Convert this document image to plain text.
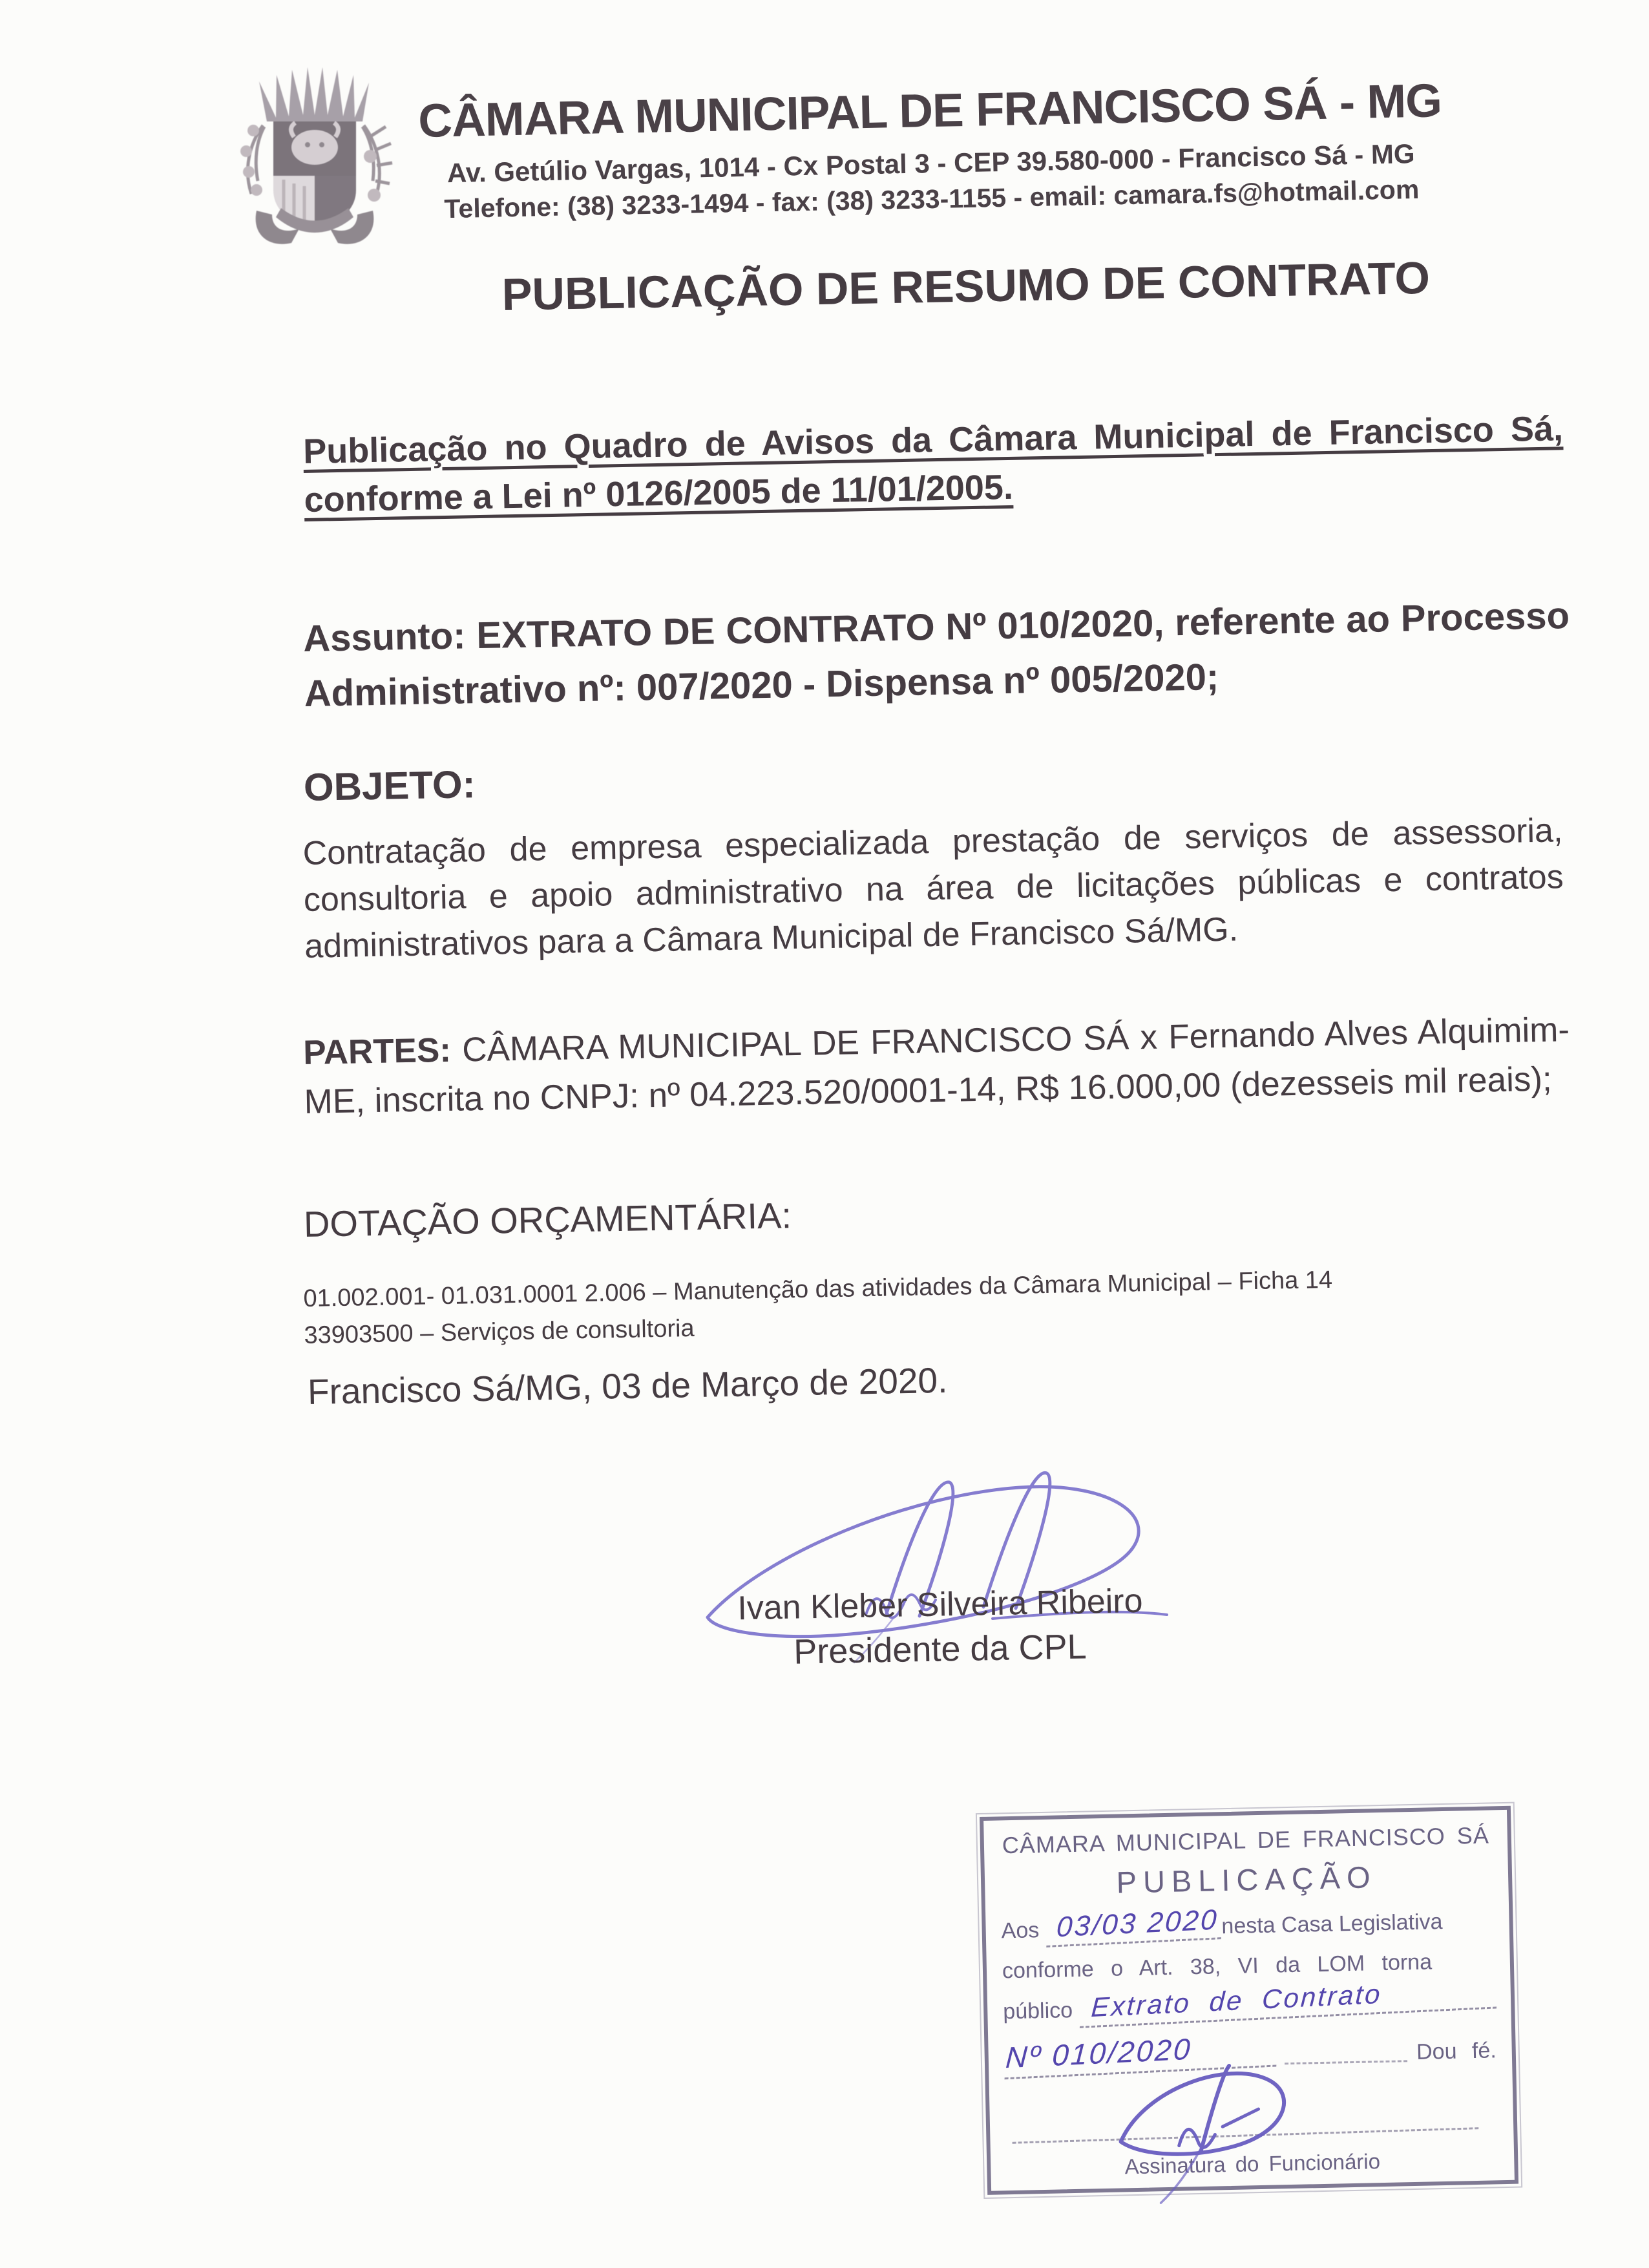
CÂMARA MUNICIPAL DE FRANCISCO SÁ - MG
Av. Getúlio Vargas, 1014 - Cx Postal 3 - CEP 39.580-000 - Francisco Sá - MG
Telefone: (38) 3233-1494 - fax: (38) 3233-1155 - email: camara.fs@hotmail.com
PUBLICAÇÃO DE RESUMO DE CONTRATO

Publicação no Quadro de Avisos da Câmara Municipal de Francisco Sá, conforme a Lei nº 0126/2005 de 11/01/2005.

Assunto: EXTRATO DE CONTRATO Nº 010/2020, referente ao Processo Administrativo nº: 007/2020 - Dispensa nº 005/2020;

OBJETO:

Contratação de empresa especializada prestação de serviços de assessoria, consultoria e apoio administrativo na área de licitações públicas e contratos administrativos para a Câmara Municipal de Francisco Sá/MG.

PARTES: CÂMARA MUNICIPAL DE FRANCISCO SÁ x Fernando Alves Alquimim-ME, inscrita no CNPJ: nº 04.223.520/0001-14, R$ 16.000,00 (dezesseis mil reais);

DOTAÇÃO ORÇAMENTÁRIA:
01.002.001- 01.031.0001 2.006 – Manutenção das atividades da Câmara Municipal – Ficha 14
33903500 – Serviços de consultoria

Francisco Sá/MG, 03 de Março de 2020.

Ivan Kleber Silveira Ribeiro
Presidente da CPL
CÂMARA MUNICIPAL DE FRANCISCO SÁ
PUBLICAÇÃO
Aos 03/03 2020 nesta Casa Legislativa
conforme o Art. 38, VI da LOM torna
público Extrato de Contrato
Nº 010/2020	Dou fé.
Assinatura do Funcionário
